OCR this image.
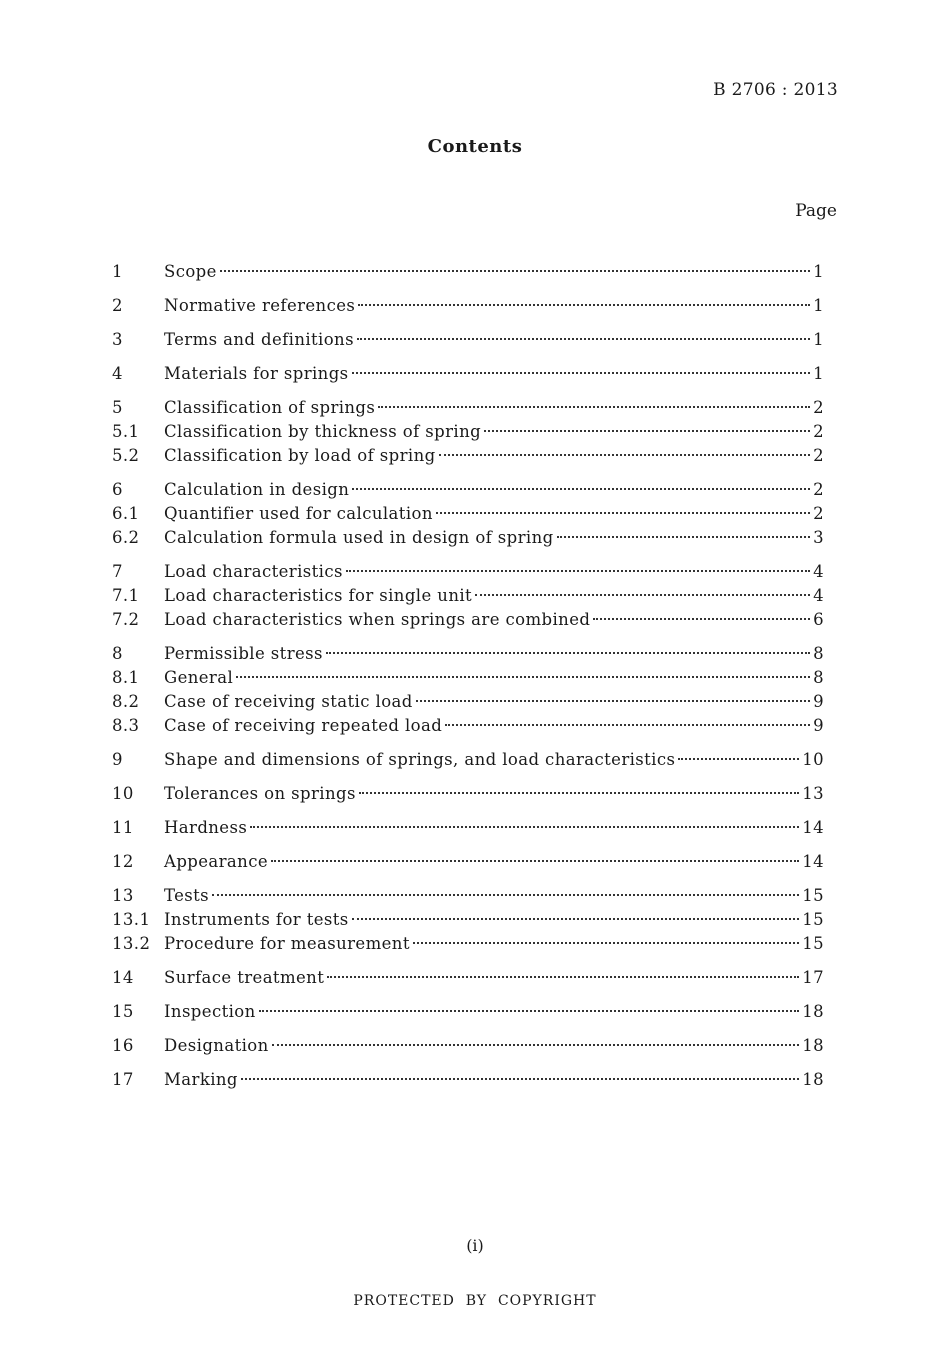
B 2706 : 2013
Contents
Page
1	Scope	1
2	Normative references	1
3	Terms and definitions	1
4	Materials for springs	1
5	Classification of springs	2
5.1	Classification by thickness of spring	2
5.2	Classification by load of spring	2
6	Calculation in design	2
6.1	Quantifier used for calculation	2
6.2	Calculation formula used in design of spring	3
7	Load characteristics	4
7.1	Load characteristics for single unit	4
7.2	Load characteristics when springs are combined	6
8	Permissible stress	8
8.1	General	8
8.2	Case of receiving static load	9
8.3	Case of receiving repeated load	9
9	Shape and dimensions of springs, and load characteristics	10
10	Tolerances on springs	13
11	Hardness	14
12	Appearance	14
13	Tests	15
13.1 Instruments for tests	15
13.2 Procedure for measurement	15
14	Surface treatment	17
15	Inspection	18
16	Designation	18
17	Marking	18
(i)
PROTECTED  BY  COPYRIGHT
